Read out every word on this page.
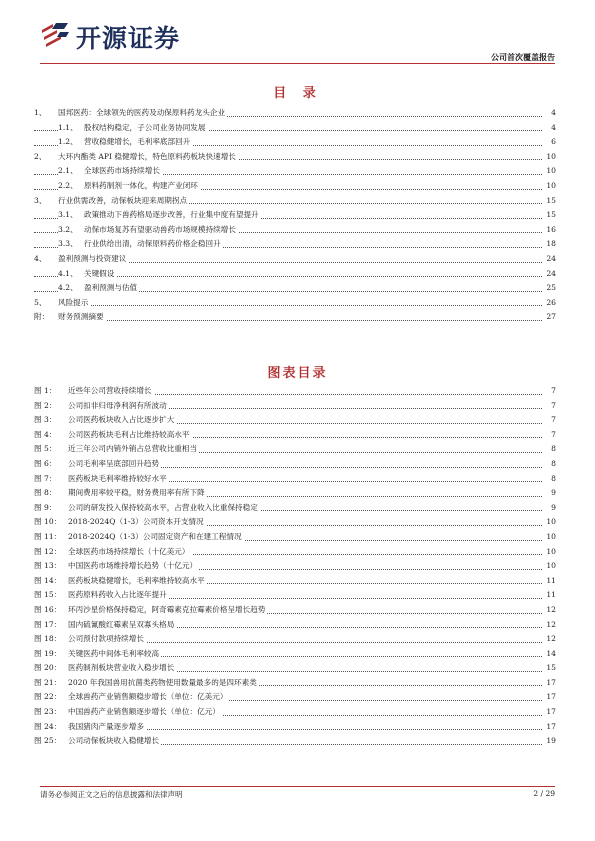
开源证券
公司首次覆盖报告
目 录
1、 国邦医药：全球领先的医药及动保原料药龙头企业	4
1.1、 股权结构稳定，子公司业务协同发展	4
1.2、 营收稳健增长，毛利率底部回升	6
2、 大环内酯类 API 稳健增长，特色原料药板块快速增长	10
2.1、 全球医药市场持续增长	10
2.2、 原料药制剂一体化，构建产业闭环	10
3、 行业供需改善，动保板块迎来周期拐点	15
3.1、 政策推动下兽药格局逐步改善，行业集中度有望提升	15
3.2、 动保市场复苏有望驱动兽药市场规模持续增长	16
3.3、 行业供给出清，动保原料药价格企稳回升	18
4、 盈利预测与投资建议	24
4.1、 关键假设	24
4.2、 盈利预测与估值	25
5、 风险提示	26
附： 财务预测摘要	27
图表目录
图 1： 近些年公司营收持续增长	7
图 2： 公司扣非归母净利润有所波动	7
图 3： 公司医药板块收入占比逐步扩大	7
图 4： 公司医药板块毛利占比维持较高水平	7
图 5： 近三年公司内销外销占总营收比重相当	8
图 6： 公司毛利率呈底部回升趋势	8
图 7： 医药板块毛利率维持较好水平	8
图 8： 期间费用率较平稳，财务费用率有所下降	9
图 9： 公司的研发投入保持较高水平，占营业收入比重保持稳定	9
图 10： 2018-2024Q（1-3）公司资本开支情况	10
图 11： 2018-2024Q（1-3）公司固定资产和在建工程情况	10
图 12： 全球医药市场持续增长（十亿美元）	10
图 13： 中国医药市场维持增长趋势（十亿元）	10
图 14： 医药板块稳健增长，毛利率维持较高水平	11
图 15： 医药原料药收入占比逐年提升	11
图 16： 环丙沙星价格保持稳定，阿奇霉素克拉霉素价格呈增长趋势	12
图 17： 国内硫氰酸红霉素呈双寡头格局	12
图 18： 公司预付款项持续增长	12
图 19： 关键医药中间体毛利率较高	14
图 20： 医药制剂板块营业收入稳步增长	15
图 21： 2020 年我国兽用抗菌类药物使用数量最多的是四环素类	17
图 22： 全球兽药产业销售额稳步增长（单位：亿美元）	17
图 23： 中国兽药产业销售额逐步增长（单位：亿元）	17
图 24： 我国猪肉产量逐步增多	17
图 25： 公司动保板块收入稳健增长	19
请务必参阅正文之后的信息披露和法律声明	2 / 29
